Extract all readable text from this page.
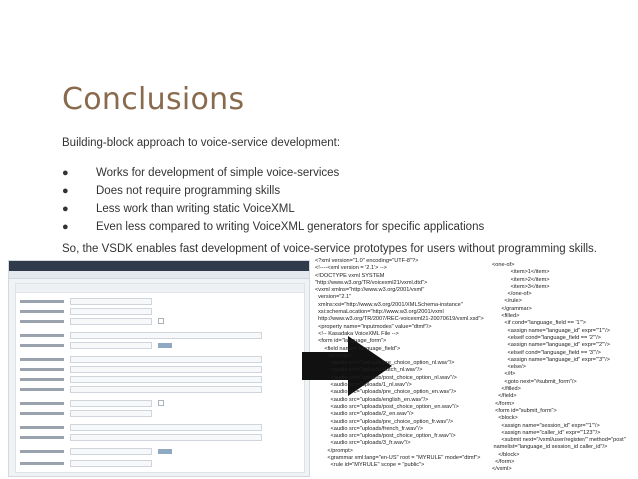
Conclusions
Building-block approach to voice-service development:
● Works for development of simple voice-services
● Does not require programming skills
● Less work than writing static VoiceXML
● Even less compared to writing VoiceXML generators for specific applications
So, the VSDK enables fast development of voice-service prototypes for users without programming skills.
<?xml version="1.0" encoding="UTF-8"?>
<!----<xml version = '2.1'> -->
<!DOCTYPE vxml SYSTEM
"http://www.w3.org/TR/voicexml21/vxml.dtd">
<vxml xmlns="http://www.w3.org/2001/vxml"
version="2.1"
xmlns:xsi="http://www.w3.org/2001/XMLSchema-instance"
xsi:schemaLocation="http://www.w3.org/2001/vxml
http://www.w3.org/TR/2007/REC-voicexml21-20070619/vxml.xsd">
<property name="inputmodes" value="dtmf"/>
<!-- Kasadaka VoiceXML File -->
<form id="language_form">
<field name="language_field">
<prompt>
<audio src="uploads/pre_choice_option_nl.wav"/>
<audio src="uploads/dutch_nl.wav"/>
<audio src="uploads/post_choice_option_nl.wav"/>
<audio src="uploads/1_nl.wav"/>
<audio src="uploads/pre_choice_option_en.wav"/>
<audio src="uploads/english_en.wav"/>
<audio src="uploads/post_choice_option_en.wav"/>
<audio src="uploads/2_en.wav"/>
<audio src="uploads/pre_choice_option_fr.wav"/>
<audio src="uploads/french_fr.wav"/>
<audio src="uploads/post_choice_option_fr.wav"/>
<audio src="uploads/3_fr.wav"/>
</prompt>
<grammar xml:lang="en-US" root = "MYRULE" mode="dtmf">
<rule id="MYRULE" scope = "public">
<one-of>
<item>1</item>
<item>2</item>
<item>3</item>
</one-of>
</rule>
</grammar>
<filled>
<if cond="language_field == '1'">
<assign name="language_id" expr="'1'"/>
<elseif cond="language_field == '2'"/>
<assign name="language_id" expr="'2'"/>
<elseif cond="language_field == '3'"/>
<assign name="language_id" expr="'3'"/>
<else/>
</if>
<goto next="#submit_form"/>
</filled>
</field>
</form>
<form id="submit_form">
<block>
<assign name="session_id" expr="'1'"/>
<assign name="caller_id" expr="'123'"/>
<submit next="/vxml/user/register/" method="post"
namelist="language_id session_id caller_id"/>
</block>
</form>
</vxml>
